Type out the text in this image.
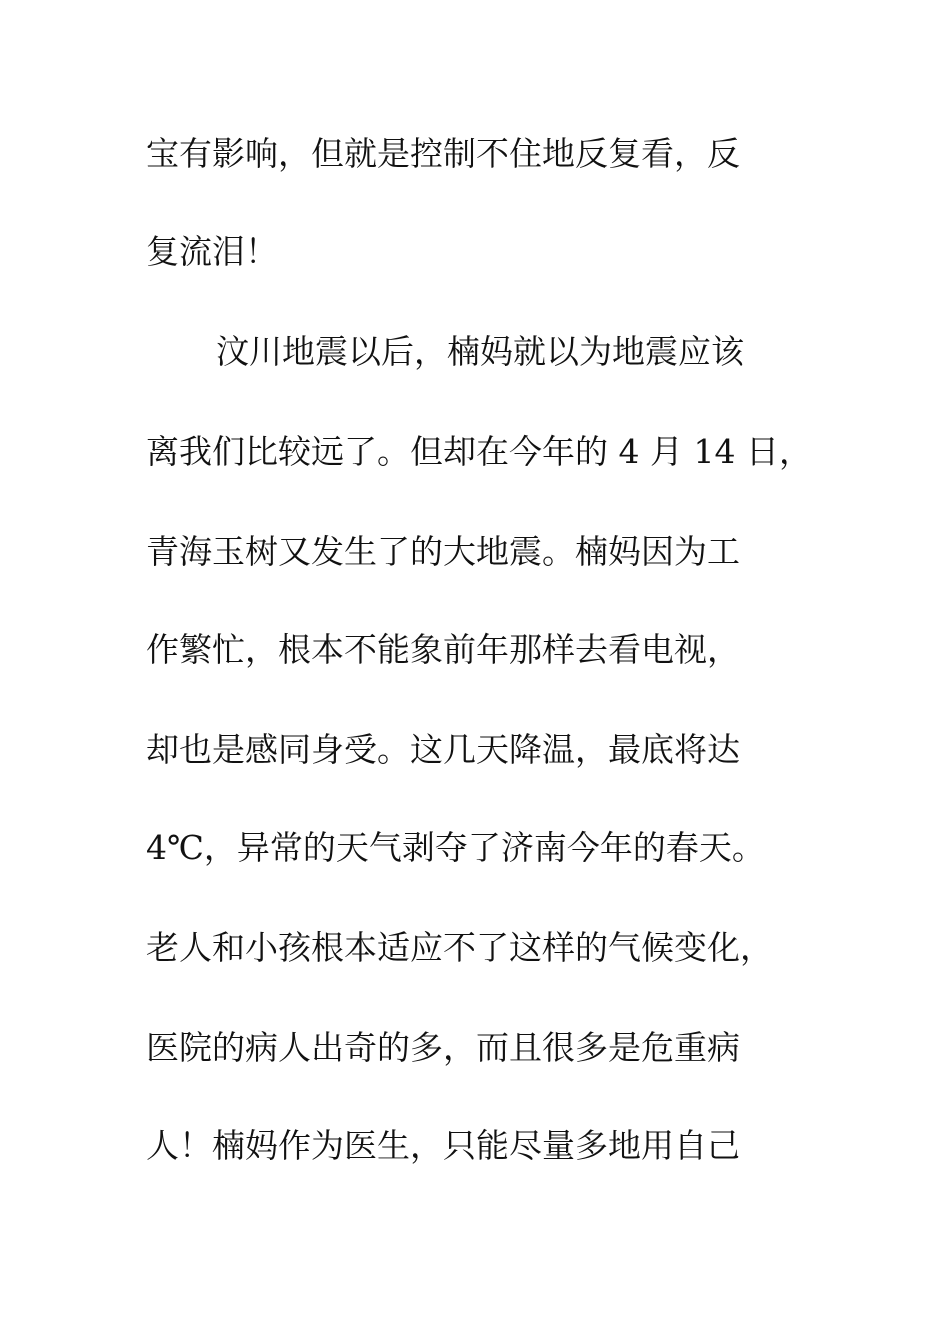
宝有影响，但就是控制不住地反复看，反
复流泪！
汶川地震以后，楠妈就以为地震应该
离我们比较远了。但却在今年的 4 月 14 日，
青海玉树又发生了的大地震。楠妈因为工
作繁忙，根本不能象前年那样去看电视，
却也是感同身受。这几天降温，最底将达
4℃，异常的天气剥夺了济南今年的春天。
老人和小孩根本适应不了这样的气候变化，
医院的病人出奇的多，而且很多是危重病
人！楠妈作为医生，只能尽量多地用自己
